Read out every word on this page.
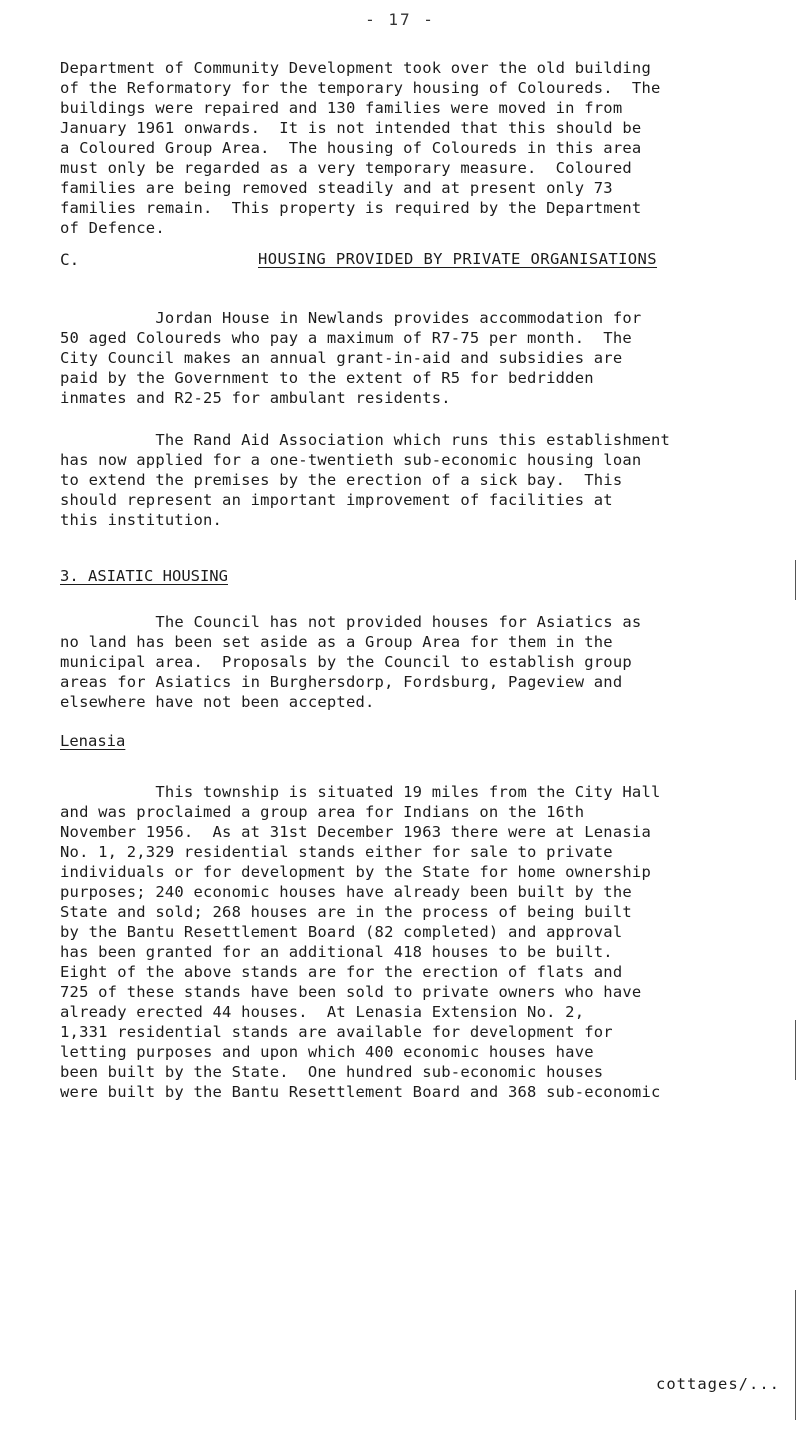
- 17 -

Department of Community Development took over the old building

of the Reformatory for the temporary housing of Coloureds.  The

buildings were repaired and 130 families were moved in from

January 1961 onwards.  It is not intended that this should be

a Coloured Group Area.  The housing of Coloureds in this area

must only be regarded as a very temporary measure.  Coloured

families are being removed steadily and at present only 73

families remain.  This property is required by the Department

of Defence.

C.	HOUSING PROVIDED BY PRIVATE ORGANISATIONS

Jordan House in Newlands provides accommodation for

50 aged Coloureds who pay a maximum of R7-75 per month.  The

City Council makes an annual grant-in-aid and subsidies are

paid by the Government to the extent of R5 for bedridden

inmates and R2-25 for ambulant residents.

The Rand Aid Association which runs this establishment

has now applied for a one-twentieth sub-economic housing loan

to extend the premises by the erection of a sick bay.  This

should represent an important improvement of facilities at

this institution.

3. ASIATIC HOUSING

The Council has not provided houses for Asiatics as

no land has been set aside as a Group Area for them in the

municipal area.  Proposals by the Council to establish group

areas for Asiatics in Burghersdorp, Fordsburg, Pageview and

elsewhere have not been accepted.

Lenasia

This township is situated 19 miles from the City Hall

and was proclaimed a group area for Indians on the 16th

November 1956.  As at 31st December 1963 there were at Lenasia

No. 1, 2,329 residential stands either for sale to private

individuals or for development by the State for home ownership

purposes; 240 economic houses have already been built by the

State and sold; 268 houses are in the process of being built

by the Bantu Resettlement Board (82 completed) and approval

has been granted for an additional 418 houses to be built.

Eight of the above stands are for the erection of flats and

725 of these stands have been sold to private owners who have

already erected 44 houses.  At Lenasia Extension No. 2,

1,331 residential stands are available for development for

letting purposes and upon which 400 economic houses have

been built by the State.  One hundred sub-economic houses

were built by the Bantu Resettlement Board and 368 sub-economic

cottages/...
